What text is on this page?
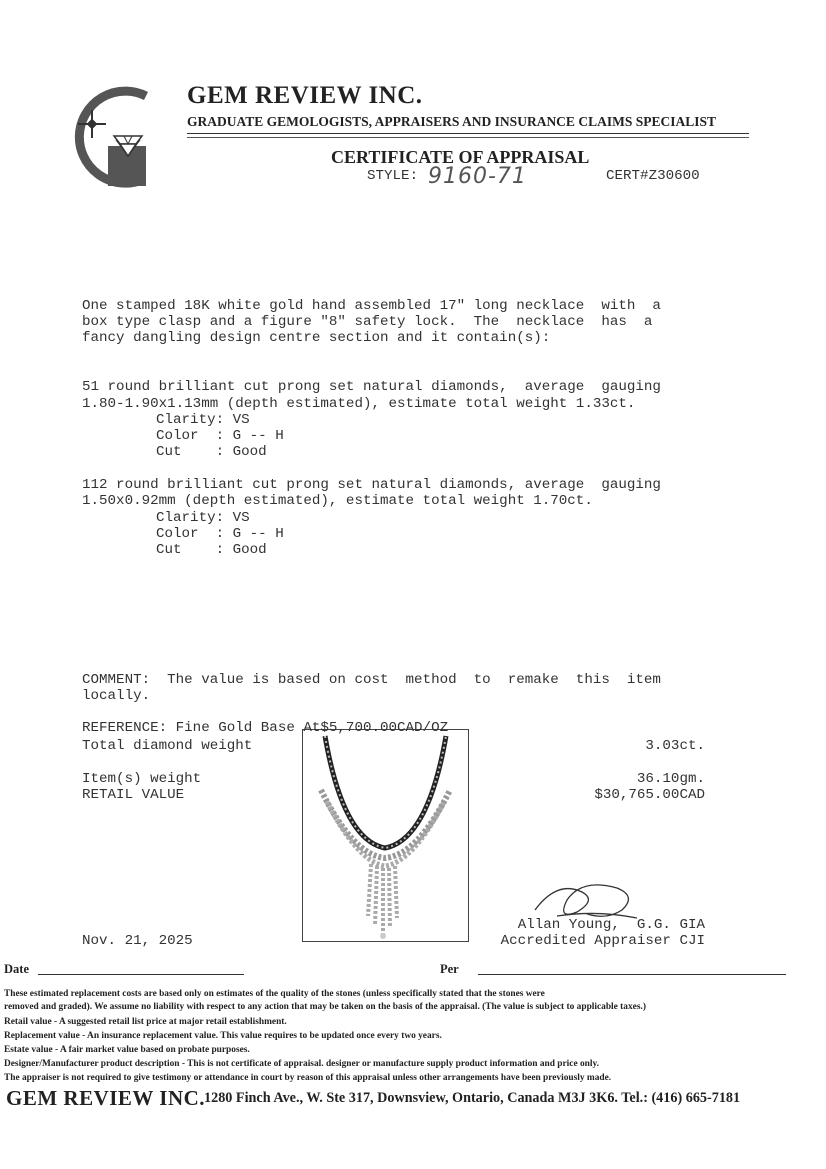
GEM REVIEW INC.
GRADUATE GEMOLOGISTS, APPRAISERS AND INSURANCE CLAIMS SPECIALIST
CERTIFICATE OF APPRAISAL
STYLE: 9160-71	CERT#Z30600
One stamped 18K white gold hand assembled 17" long necklace  with  a
box type clasp and a figure "8" safety lock.  The  necklace  has  a
fancy dangling design centre section and it contain(s):
51 round brilliant cut prong set natural diamonds,  average  gauging
1.80-1.90x1.13mm (depth estimated), estimate total weight 1.33ct.
Clarity: VS
Color  : G -- H
Cut    : Good
112 round brilliant cut prong set natural diamonds, average  gauging
1.50x0.92mm (depth estimated), estimate total weight 1.70ct.
Clarity: VS
Color  : G -- H
Cut    : Good
COMMENT:  The value is based on cost  method  to  remake  this  item
locally.
REFERENCE: Fine Gold Base At$5,700.00CAD/OZ
Total diamond weight	3.03ct.
Item(s) weight	36.10gm.
RETAIL VALUE	$30,765.00CAD
Nov. 21, 2025
Allan Young,  G.G. GIA
Accredited Appraiser CJI
Date	Per
These estimated replacement costs are based only on estimates of the quality of the stones (unless specifically stated that the stones were
removed and graded). We assume no liability with respect to any action that may be taken on the basis of the appraisal. (The value is subject to applicable taxes.)
Retail value - A suggested retail list price at major retail establishment.
Replacement value - An insurance replacement value. This value requires to be updated once every two years.
Estate value - A fair market value based on probate purposes.
Designer/Manufacturer product description - This is not certificate of appraisal. designer or manufacture supply product information and price only.
The appraiser is not required to give testimony or attendance in court by reason of this appraisal unless other arrangements have been previously made.
GEM REVIEW INC.
1280 Finch Ave., W. Ste 317, Downsview, Ontario, Canada M3J 3K6. Tel.: (416) 665-7181
